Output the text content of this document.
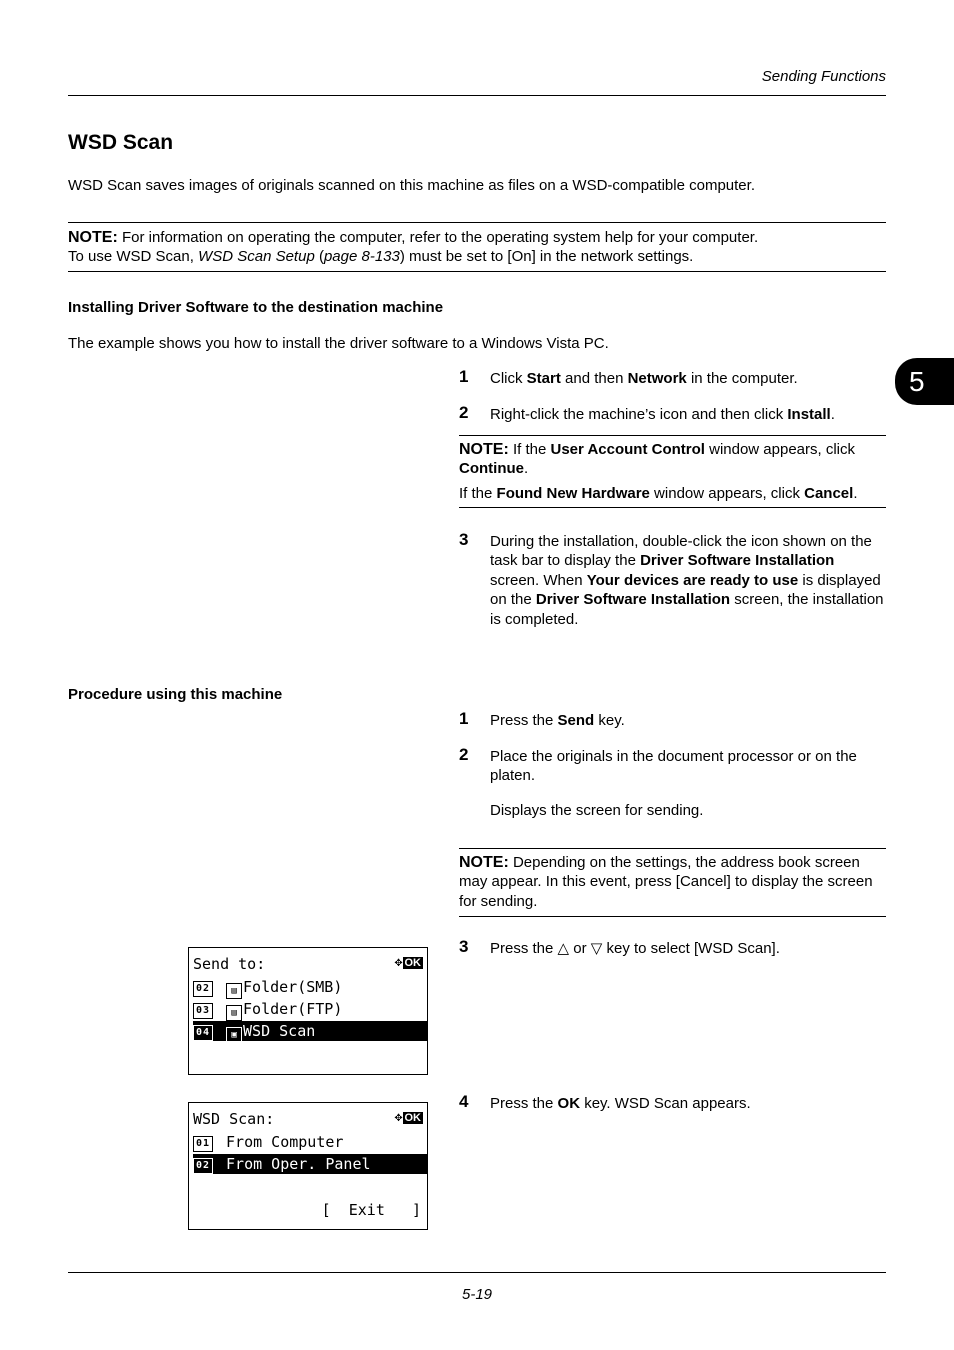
Sending Functions
5
WSD Scan
WSD Scan saves images of originals scanned on this machine as files on a WSD-compatible computer.
NOTE: For information on operating the computer, refer to the operating system help for your computer.
To use WSD Scan, WSD Scan Setup (page 8-133) must be set to [On] in the network settings.
Installing Driver Software to the destination machine
The example shows you how to install the driver software to a Windows Vista PC.
1 Click Start and then Network in the computer.
2 Right-click the machine’s icon and then click Install.
NOTE: If the User Account Control window appears, click Continue.
If the Found New Hardware window appears, click Cancel.
3 During the installation, double-click the icon shown on the task bar to display the Driver Software Installation screen. When Your devices are ready to use is displayed on the Driver Software Installation screen, the installation is completed.
Procedure using this machine
1 Press the Send key.
2 Place the originals in the document processor or on the platen.
Displays the screen for sending.
NOTE: Depending on the settings, the address book screen may appear. In this event, press [Cancel] to display the screen for sending.
3 Press the △ or ▽ key to select [WSD Scan].
4 Press the OK key. WSD Scan appears.
Send to:	✥ OK
02 ▤ Folder(SMB)
03 ▤ Folder(FTP)
04 ▣ WSD Scan
WSD Scan:	✥ OK
01 From Computer
02 From Oper. Panel
[  Exit   ]
5-19
